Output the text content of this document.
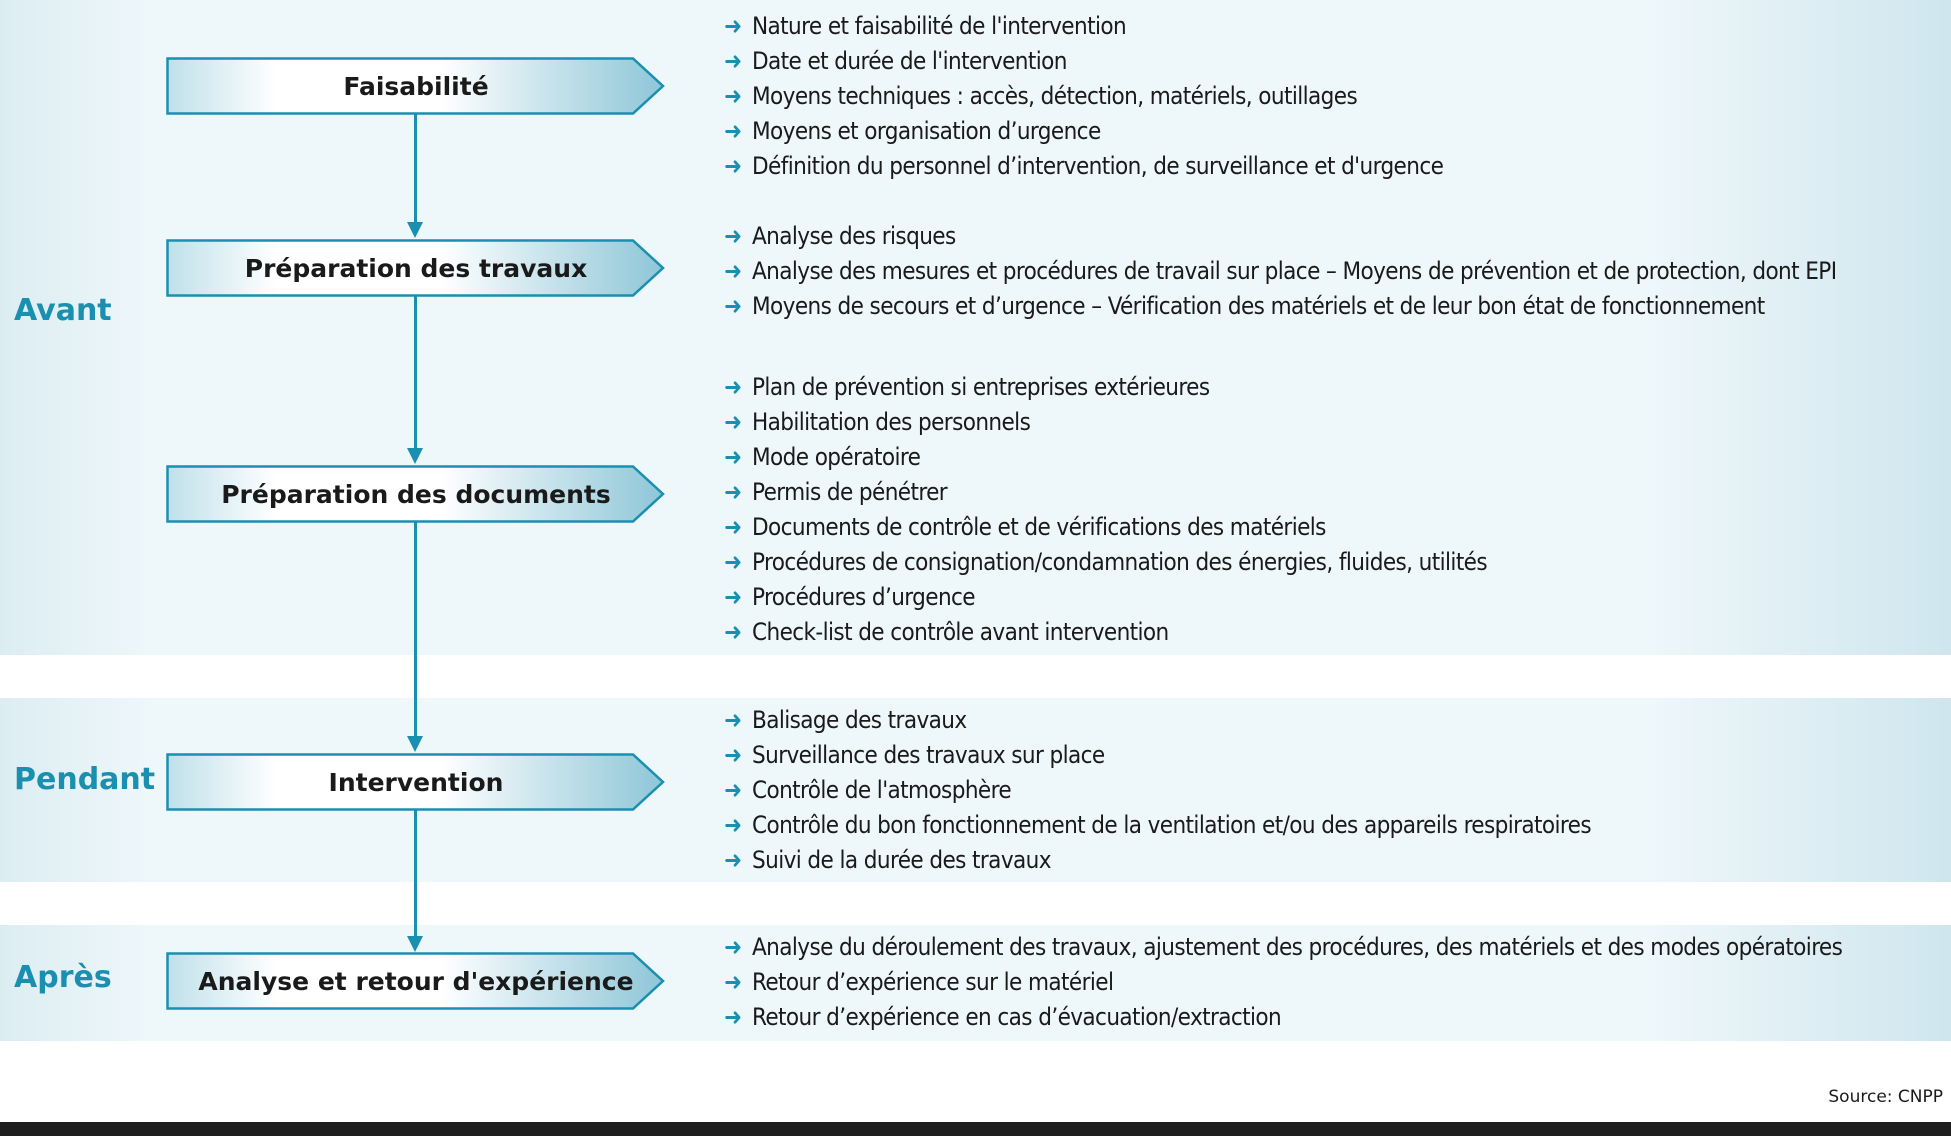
Avant
Pendant
Après
Faisabilité
Préparation des travaux
Préparation des documents
Intervention
Analyse et retour d'expérience
➜ Nature et faisabilité de l'intervention
➜ Date et durée de l'intervention
➜ Moyens techniques : accès, détection, matériels, outillages
➜ Moyens et organisation d’urgence
➜ Définition du personnel d’intervention, de surveillance et d'urgence
➜ Analyse des risques
➜ Analyse des mesures et procédures de travail sur place – Moyens de prévention et de protection, dont EPI
➜ Moyens de secours et d’urgence – Vérification des matériels et de leur bon état de fonctionnement
➜ Plan de prévention si entreprises extérieures
➜ Habilitation des personnels
➜ Mode opératoire
➜ Permis de pénétrer
➜ Documents de contrôle et de vérifications des matériels
➜ Procédures de consignation/condamnation des énergies, fluides, utilités
➜ Procédures d’urgence
➜ Check-list de contrôle avant intervention
➜ Balisage des travaux
➜ Surveillance des travaux sur place
➜ Contrôle de l'atmosphère
➜ Contrôle du bon fonctionnement de la ventilation et/ou des appareils respiratoires
➜ Suivi de la durée des travaux
➜ Analyse du déroulement des travaux, ajustement des procédures, des matériels et des modes opératoires
➜ Retour d’expérience sur le matériel
➜ Retour d’expérience en cas d’évacuation/extraction
Source: CNPP
